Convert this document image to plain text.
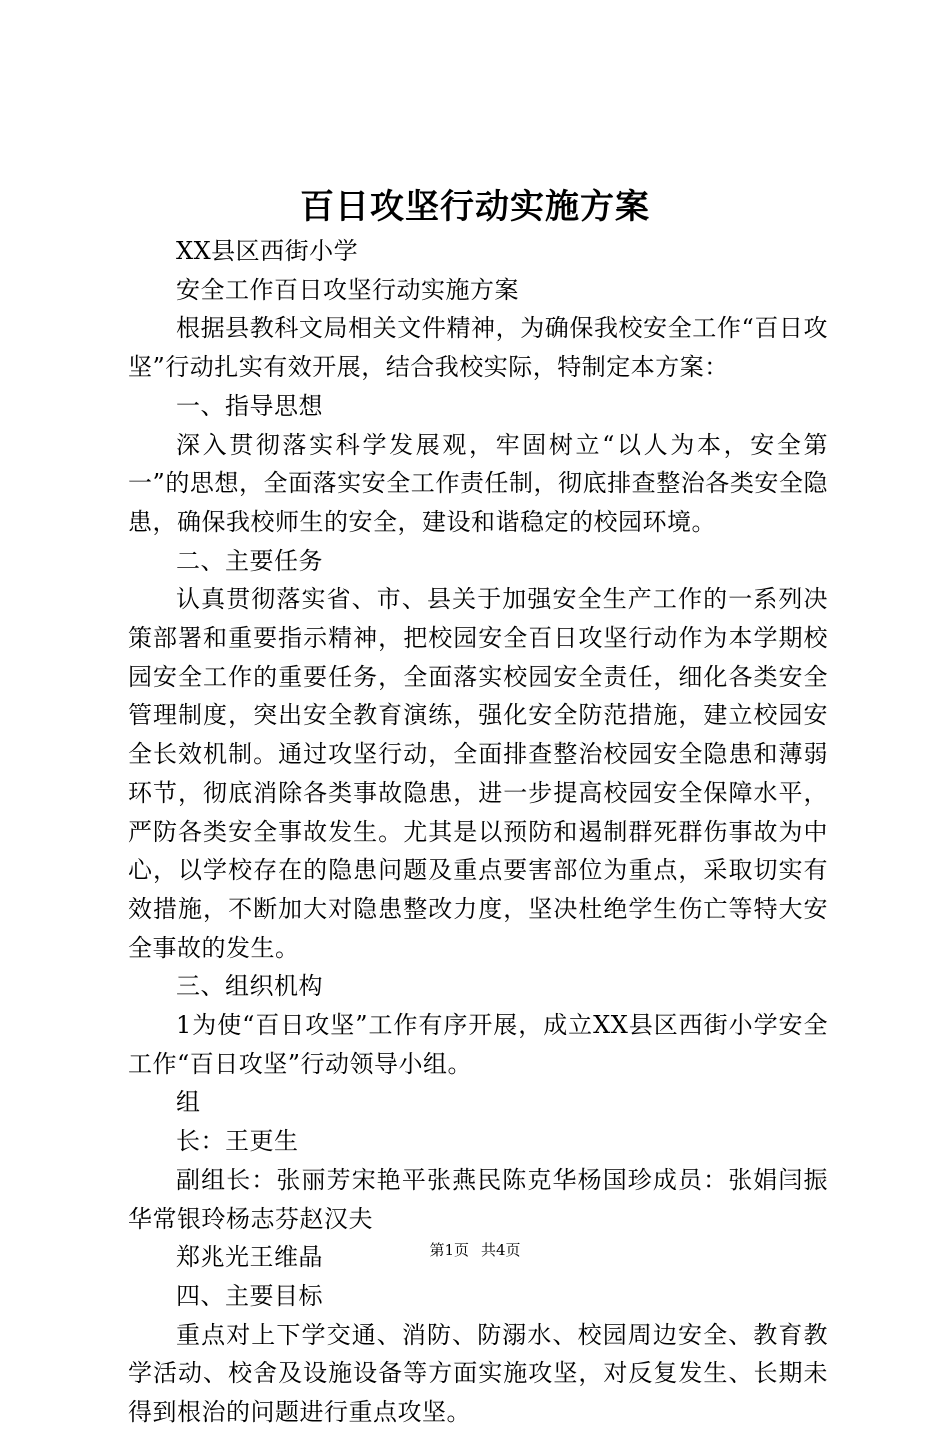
百日攻坚行动实施方案

XX县区西街小学

安全工作百日攻坚行动实施方案

根据县教科文局相关文件精神，为确保我校安全工作“百日攻坚”行动扎实有效开展，结合我校实际，特制定本方案：

一、指导思想

深入贯彻落实科学发展观，牢固树立“以人为本，安全第一”的思想，全面落实安全工作责任制，彻底排查整治各类安全隐患，确保我校师生的安全，建设和谐稳定的校园环境。

二、主要任务

认真贯彻落实省、市、县关于加强安全生产工作的一系列决策部署和重要指示精神，把校园安全百日攻坚行动作为本学期校园安全工作的重要任务，全面落实校园安全责任，细化各类安全管理制度，突出安全教育演练，强化安全防范措施，建立校园安全长效机制。通过攻坚行动，全面排查整治校园安全隐患和薄弱环节，彻底消除各类事故隐患，进一步提高校园安全保障水平，严防各类安全事故发生。尤其是以预防和遏制群死群伤事故为中心，以学校存在的隐患问题及重点要害部位为重点，采取切实有效措施，不断加大对隐患整改力度，坚决杜绝学生伤亡等特大安全事故的发生。

三、组织机构

1为使“百日攻坚”工作有序开展，成立XX县区西街小学安全工作“百日攻坚”行动领导小组。

组

长：王更生

副组长：张丽芳宋艳平张燕民陈克华杨国珍成员：张娟闫振华常银玲杨志芬赵汉夫

郑兆光王维晶

四、主要目标

重点对上下学交通、消防、防溺水、校园周边安全、教育教学活动、校舍及设施设备等方面实施攻坚，对反复发生、长期未得到根治的问题进行重点攻坚。

第1页 共4页
